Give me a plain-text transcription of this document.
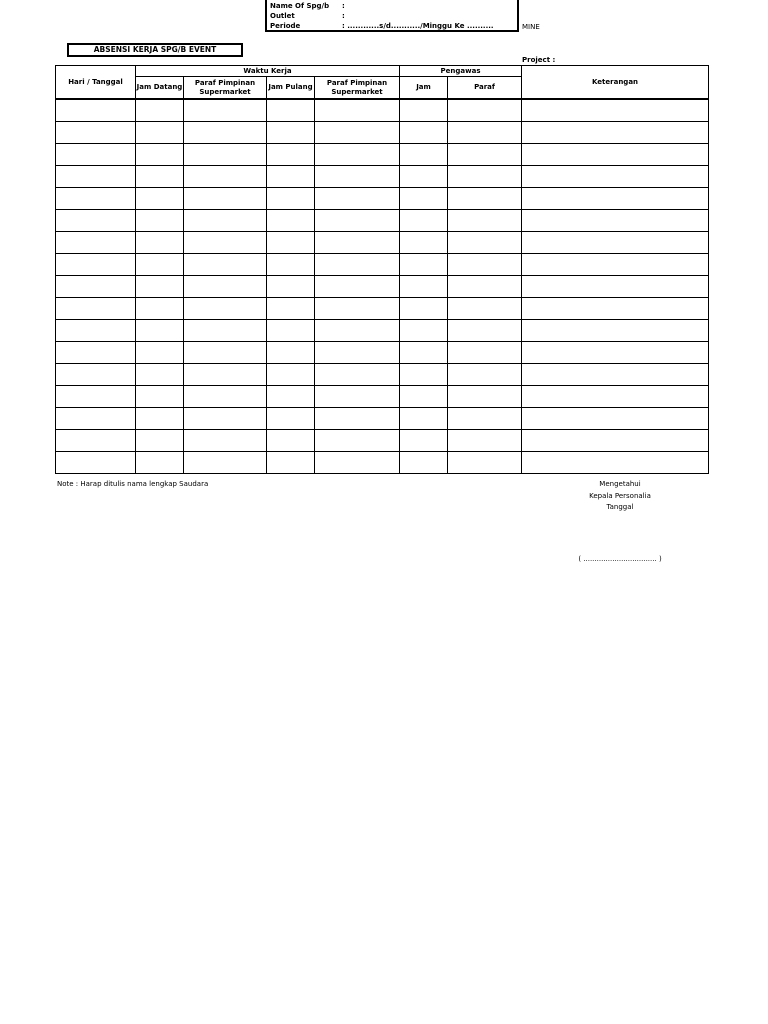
Name Of Spg/b :
Outlet	:
Periode	: ............s/d.........../Minggu Ke ..........	MINE
ABSENSI KERJA SPG/B EVENT
Project :
Hari / Tanggal	Waktu Kerja				Pengawas		Keterangan
	Jam Datang	Paraf Pimpinan Supermarket	Jam Pulang	Paraf Pimpinan Supermarket	Jam	Paraf	

Note : Harap ditulis nama lengkap Saudara	Mengetahui
Kepala Personalia
Tanggal
( ................................. )
